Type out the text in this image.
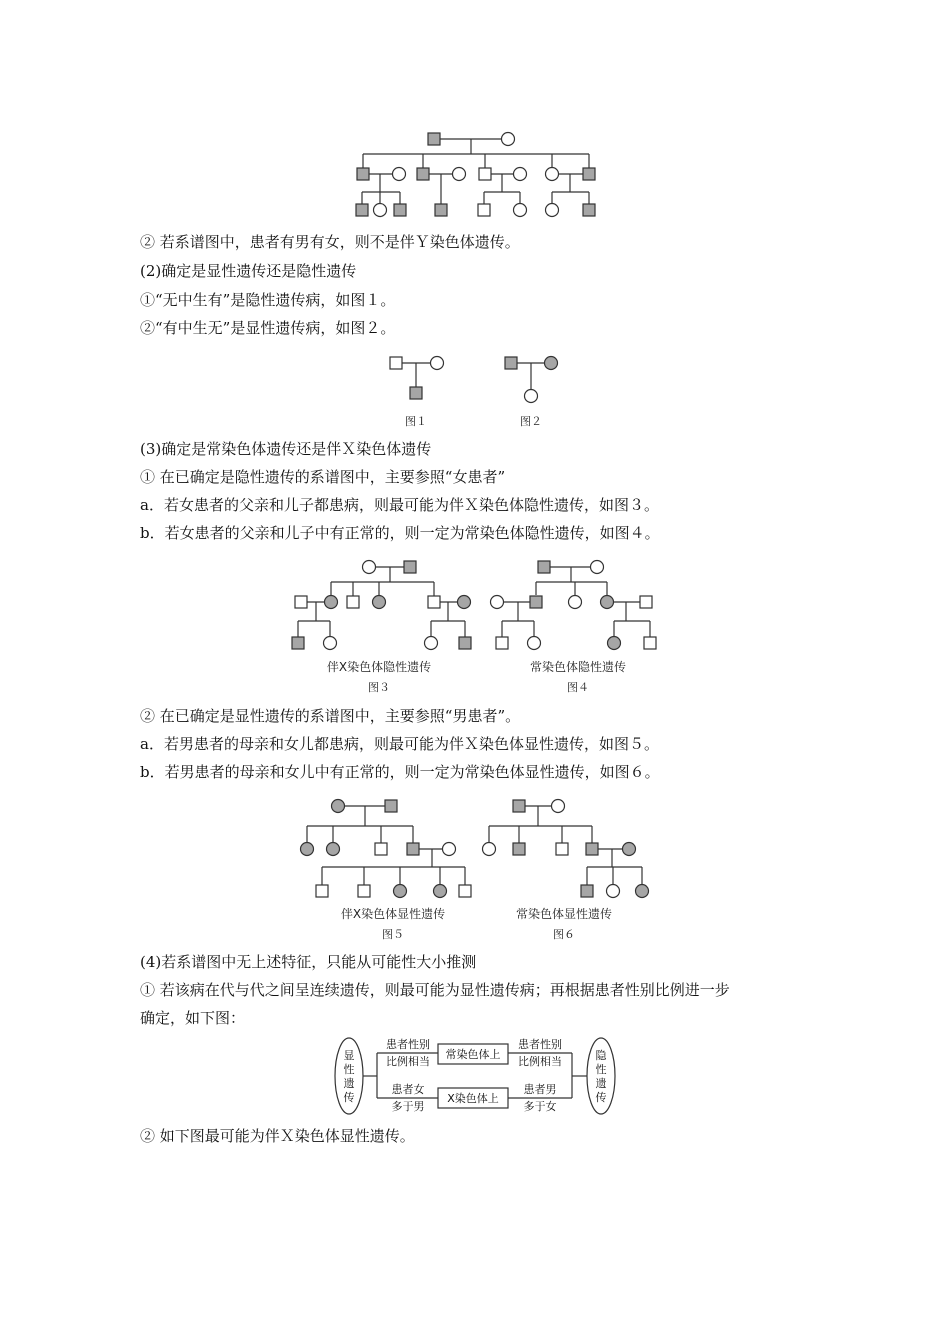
② 若系谱图中，患者有男有女，则不是伴Ｙ染色体遗传。
(2)确定是显性遗传还是隐性遗传
①“无中生有”是隐性遗传病，如图１。
②“有中生无”是显性遗传病，如图２。
图１	图２
(3)确定是常染色体遗传还是伴Ｘ染色体遗传
① 在已确定是隐性遗传的系谱图中，主要参照“女患者”
a．若女患者的父亲和儿子都患病，则最可能为伴Ｘ染色体隐性遗传，如图３。
b．若女患者的父亲和儿子中有正常的，则一定为常染色体隐性遗传，如图４。
伴X染色体隐性遗传
图３
常染色体隐性遗传
图４
② 在已确定是显性遗传的系谱图中，主要参照“男患者”。
a．若男患者的母亲和女儿都患病，则最可能为伴Ｘ染色体显性遗传，如图５。
b．若男患者的母亲和女儿中有正常的，则一定为常染色体显性遗传，如图６。
伴X染色体显性遗传
图５
常染色体显性遗传
图６
(4)若系谱图中无上述特征，只能从可能性大小推测
① 若该病在代与代之间呈连续遗传，则最可能为显性遗传病；再根据患者性别比例进一步
确定，如下图：
显
性
遗
传
隐
性
遗
传
常染色体上
X染色体上
患者性别
比例相当
患者性别
比例相当
患者女
多于男
患者男
多于女
② 如下图最可能为伴Ｘ染色体显性遗传。
